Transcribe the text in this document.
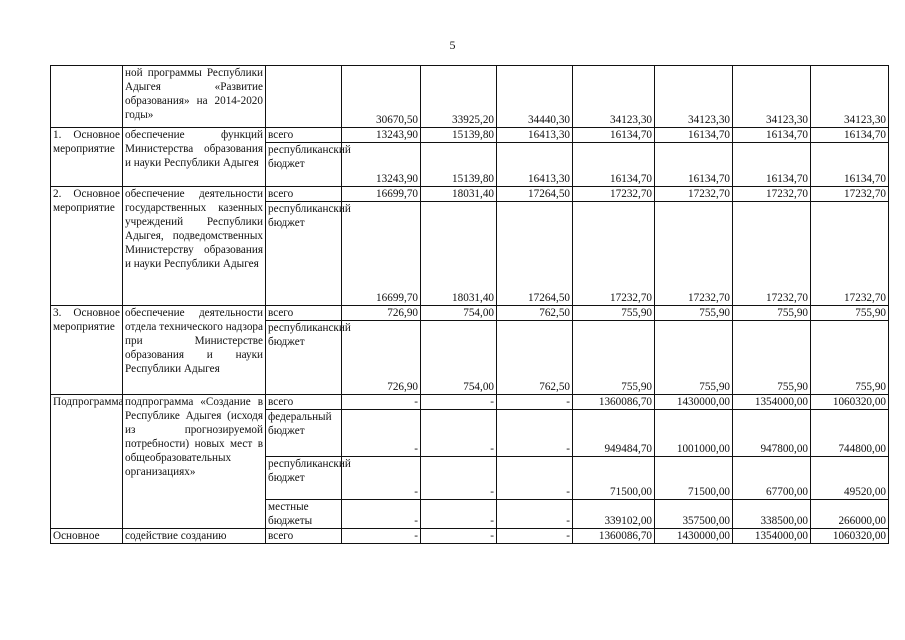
5
	ной программы Республики Адыгея «Развитие образования» на 2014-2020 годы»		30670,50	33925,20	34440,30	34123,30	34123,30	34123,30	34123,30
1. Основное мероприятие	обеспечение функций Министерства образования и науки Республики Адыгея	всего	13243,90	15139,80	16413,30	16134,70	16134,70	16134,70	16134,70
		республиканский бюджет	13243,90	15139,80	16413,30	16134,70	16134,70	16134,70	16134,70
2. Основное мероприятие	обеспечение деятельности государственных казенных учреждений Республики Адыгея, подведомственных Министерству образования и науки Республики Адыгея	всего	16699,70	18031,40	17264,50	17232,70	17232,70	17232,70	17232,70
		республиканский бюджет	16699,70	18031,40	17264,50	17232,70	17232,70	17232,70	17232,70
3. Основное мероприятие	обеспечение деятельности отдела технического надзора при Министерстве образования и науки Республики Адыгея	всего	726,90	754,00	762,50	755,90	755,90	755,90	755,90
		республиканский бюджет	726,90	754,00	762,50	755,90	755,90	755,90	755,90
Подпрограмма	подпрограмма «Создание в Республике Адыгея (исходя из прогнозируемой потребности) новых мест в общеобразовательных организациях»	всего	-	-	-	1360086,70	1430000,00	1354000,00	1060320,00
		федеральный бюджет	-	-	-	949484,70	1001000,00	947800,00	744800,00
		республиканский бюджет	-	-	-	71500,00	71500,00	67700,00	49520,00
		местные бюджеты	-	-	-	339102,00	357500,00	338500,00	266000,00
Основное	содействие созданию	всего	-	-	-	1360086,70	1430000,00	1354000,00	1060320,00
